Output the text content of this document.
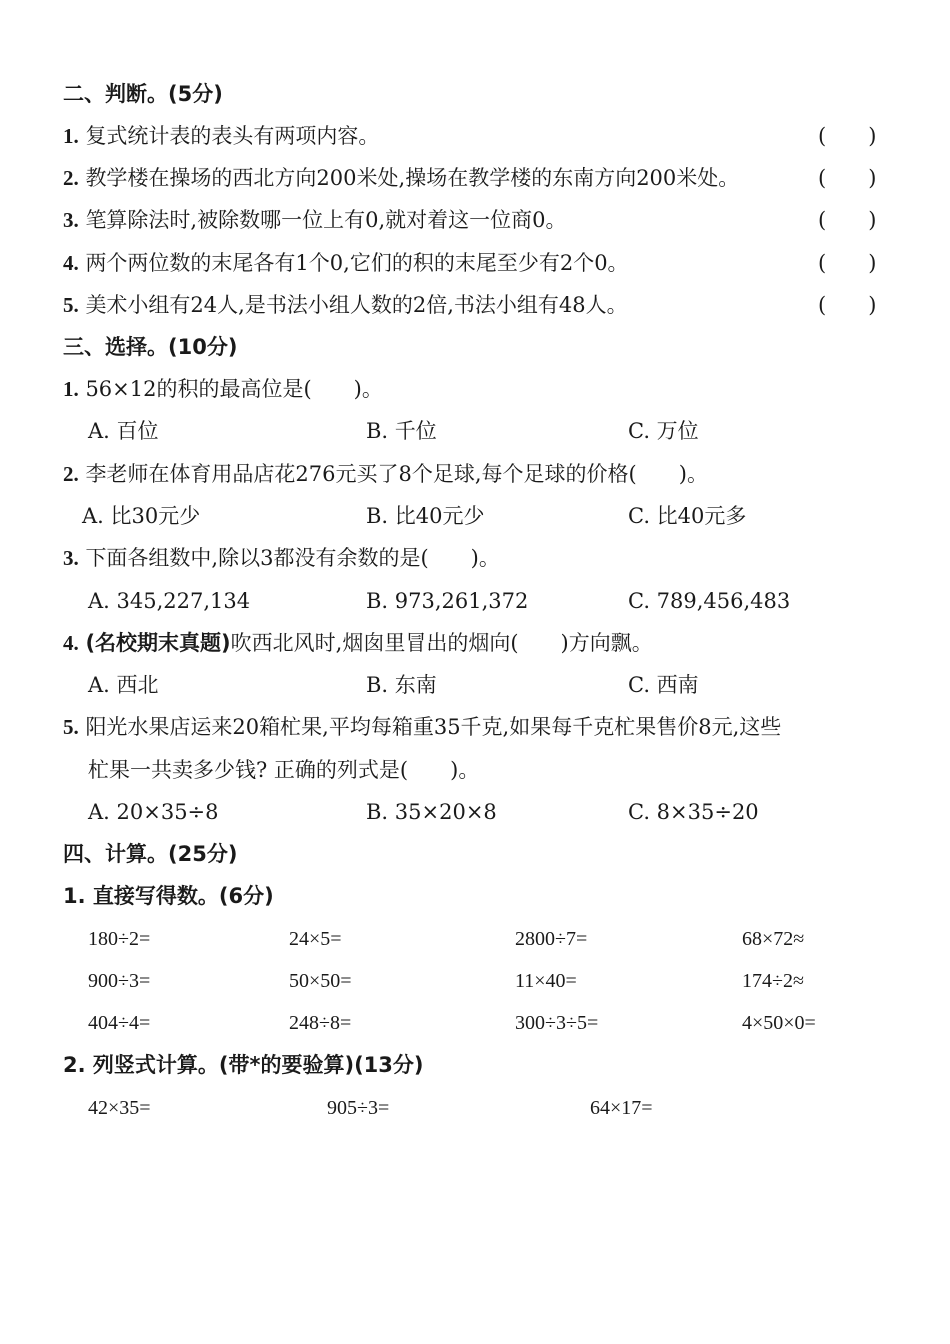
二、判断。(5分)
1. 复式统计表的表头有两项内容。	(　　)
2. 教学楼在操场的西北方向200米处,操场在教学楼的东南方向200米处。	(　　)
3. 笔算除法时,被除数哪一位上有0,就对着这一位商0。	(　　)
4. 两个两位数的末尾各有1个0,它们的积的末尾至少有2个0。	(　　)
5. 美术小组有24人,是书法小组人数的2倍,书法小组有48人。	(　　)
三、选择。(10分)
1. 56×12的积的最高位是(　　)。
A. 百位	B. 千位	C. 万位
2. 李老师在体育用品店花276元买了8个足球,每个足球的价格(　　)。
A. 比30元少	B. 比40元少	C. 比40元多
3. 下面各组数中,除以3都没有余数的是(　　)。
A. 345,227,134	B. 973,261,372	C. 789,456,483
4. (名校期末真题)吹西北风时,烟囱里冒出的烟向(　　)方向飘。
A. 西北	B. 东南	C. 西南
5. 阳光水果店运来20箱杧果,平均每箱重35千克,如果每千克杧果售价8元,这些
杧果一共卖多少钱? 正确的列式是(　　)。
A. 20×35÷8	B. 35×20×8	C. 8×35÷20
四、计算。(25分)
1. 直接写得数。(6分)
180÷2=	24×5=	2800÷7=	68×72≈
900÷3=	50×50=	11×40=	174÷2≈
404÷4=	248÷8=	300÷3÷5=	4×50×0=
2. 列竖式计算。(带*的要验算)(13分)
42×35=	905÷3=	64×17=
